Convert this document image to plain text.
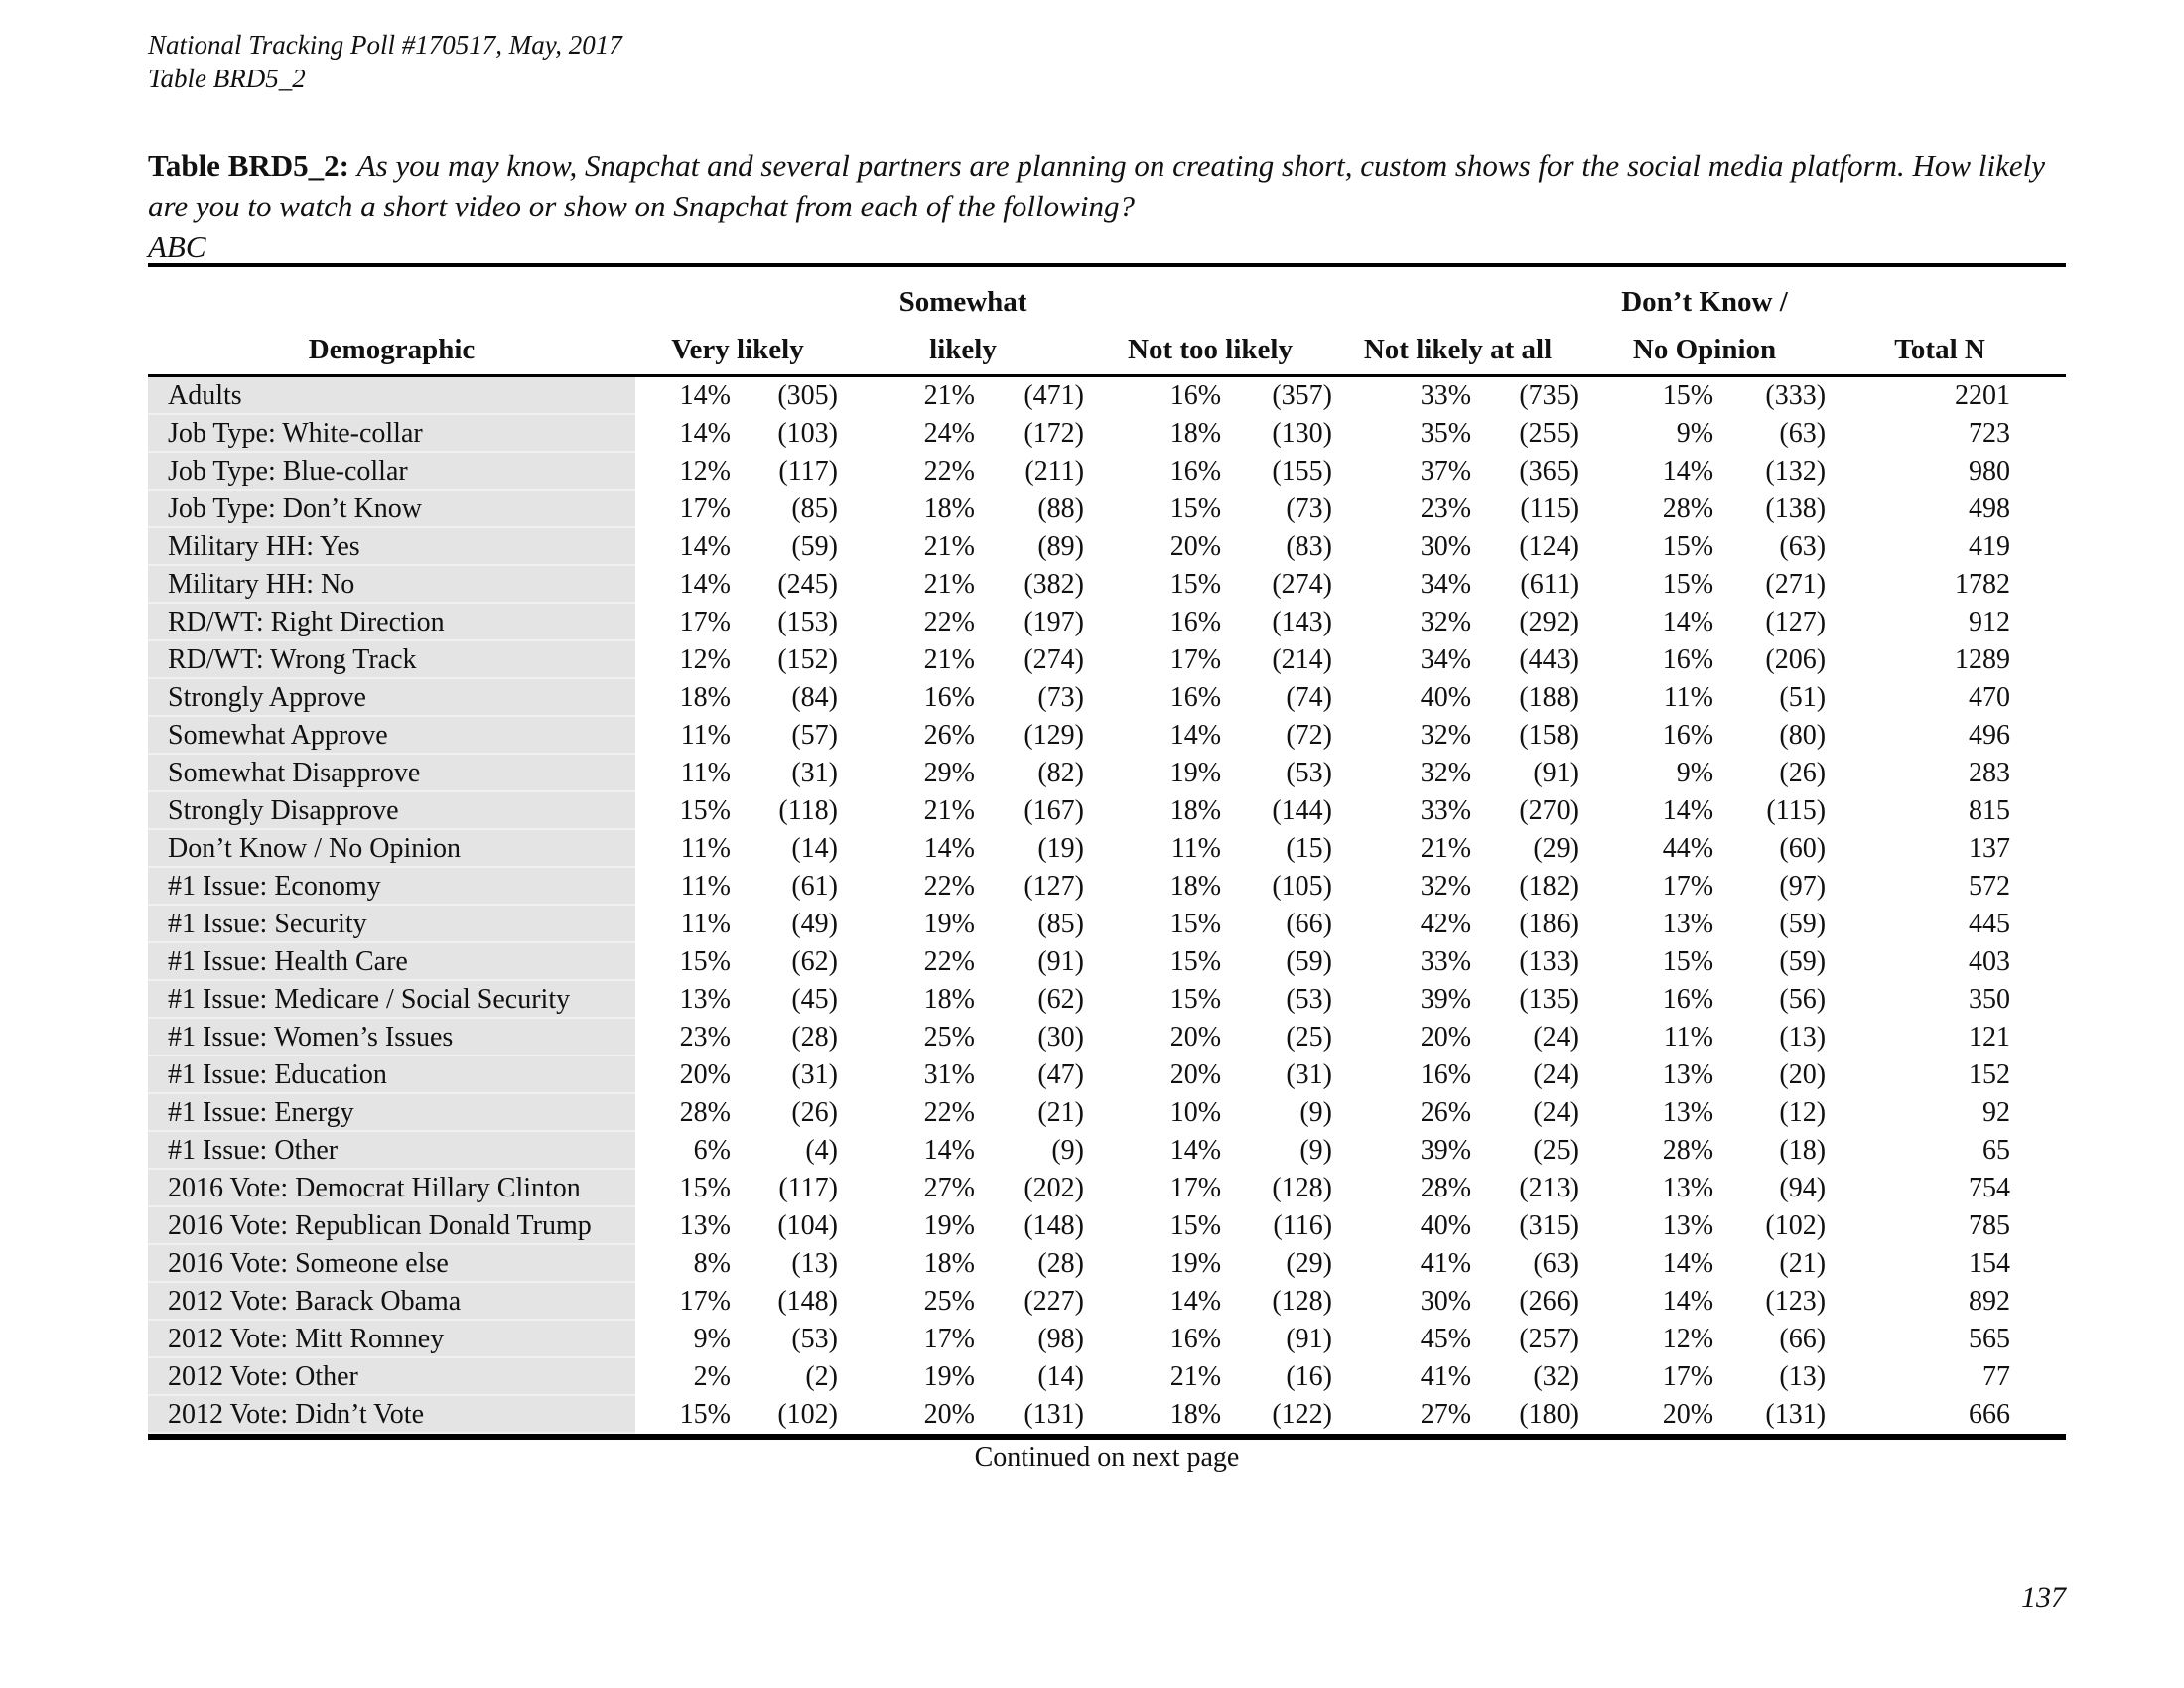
National Tracking Poll #170517, May, 2017
Table BRD5_2
Table BRD5_2: As you may know, Snapchat and several partners are planning on creating short, custom shows for the social media platform. How likely are you to watch a short video or show on Snapchat from each of the following?
ABC
			Somewhat						Don’t Know /		
Demographic	Very likely		likely		Not too likely		Not likely at all		No Opinion		Total N
Adults	14%	(305)	21%	(471)	16%	(357)	33%	(735)	15%	(333)	2201
Job Type: White-collar	14%	(103)	24%	(172)	18%	(130)	35%	(255)	9%	(63)	723
Job Type: Blue-collar	12%	(117)	22%	(211)	16%	(155)	37%	(365)	14%	(132)	980
Job Type: Don’t Know	17%	(85)	18%	(88)	15%	(73)	23%	(115)	28%	(138)	498
Military HH: Yes	14%	(59)	21%	(89)	20%	(83)	30%	(124)	15%	(63)	419
Military HH: No	14%	(245)	21%	(382)	15%	(274)	34%	(611)	15%	(271)	1782
RD/WT: Right Direction	17%	(153)	22%	(197)	16%	(143)	32%	(292)	14%	(127)	912
RD/WT: Wrong Track	12%	(152)	21%	(274)	17%	(214)	34%	(443)	16%	(206)	1289
Strongly Approve	18%	(84)	16%	(73)	16%	(74)	40%	(188)	11%	(51)	470
Somewhat Approve	11%	(57)	26%	(129)	14%	(72)	32%	(158)	16%	(80)	496
Somewhat Disapprove	11%	(31)	29%	(82)	19%	(53)	32%	(91)	9%	(26)	283
Strongly Disapprove	15%	(118)	21%	(167)	18%	(144)	33%	(270)	14%	(115)	815
Don’t Know / No Opinion	11%	(14)	14%	(19)	11%	(15)	21%	(29)	44%	(60)	137
#1 Issue: Economy	11%	(61)	22%	(127)	18%	(105)	32%	(182)	17%	(97)	572
#1 Issue: Security	11%	(49)	19%	(85)	15%	(66)	42%	(186)	13%	(59)	445
#1 Issue: Health Care	15%	(62)	22%	(91)	15%	(59)	33%	(133)	15%	(59)	403
#1 Issue: Medicare / Social Security	13%	(45)	18%	(62)	15%	(53)	39%	(135)	16%	(56)	350
#1 Issue: Women’s Issues	23%	(28)	25%	(30)	20%	(25)	20%	(24)	11%	(13)	121
#1 Issue: Education	20%	(31)	31%	(47)	20%	(31)	16%	(24)	13%	(20)	152
#1 Issue: Energy	28%	(26)	22%	(21)	10%	(9)	26%	(24)	13%	(12)	92
#1 Issue: Other	6%	(4)	14%	(9)	14%	(9)	39%	(25)	28%	(18)	65
2016 Vote: Democrat Hillary Clinton	15%	(117)	27%	(202)	17%	(128)	28%	(213)	13%	(94)	754
2016 Vote: Republican Donald Trump	13%	(104)	19%	(148)	15%	(116)	40%	(315)	13%	(102)	785
2016 Vote: Someone else	8%	(13)	18%	(28)	19%	(29)	41%	(63)	14%	(21)	154
2012 Vote: Barack Obama	17%	(148)	25%	(227)	14%	(128)	30%	(266)	14%	(123)	892
2012 Vote: Mitt Romney	9%	(53)	17%	(98)	16%	(91)	45%	(257)	12%	(66)	565
2012 Vote: Other	2%	(2)	19%	(14)	21%	(16)	41%	(32)	17%	(13)	77
2012 Vote: Didn’t Vote	15%	(102)	20%	(131)	18%	(122)	27%	(180)	20%	(131)	666
Continued on next page
137
